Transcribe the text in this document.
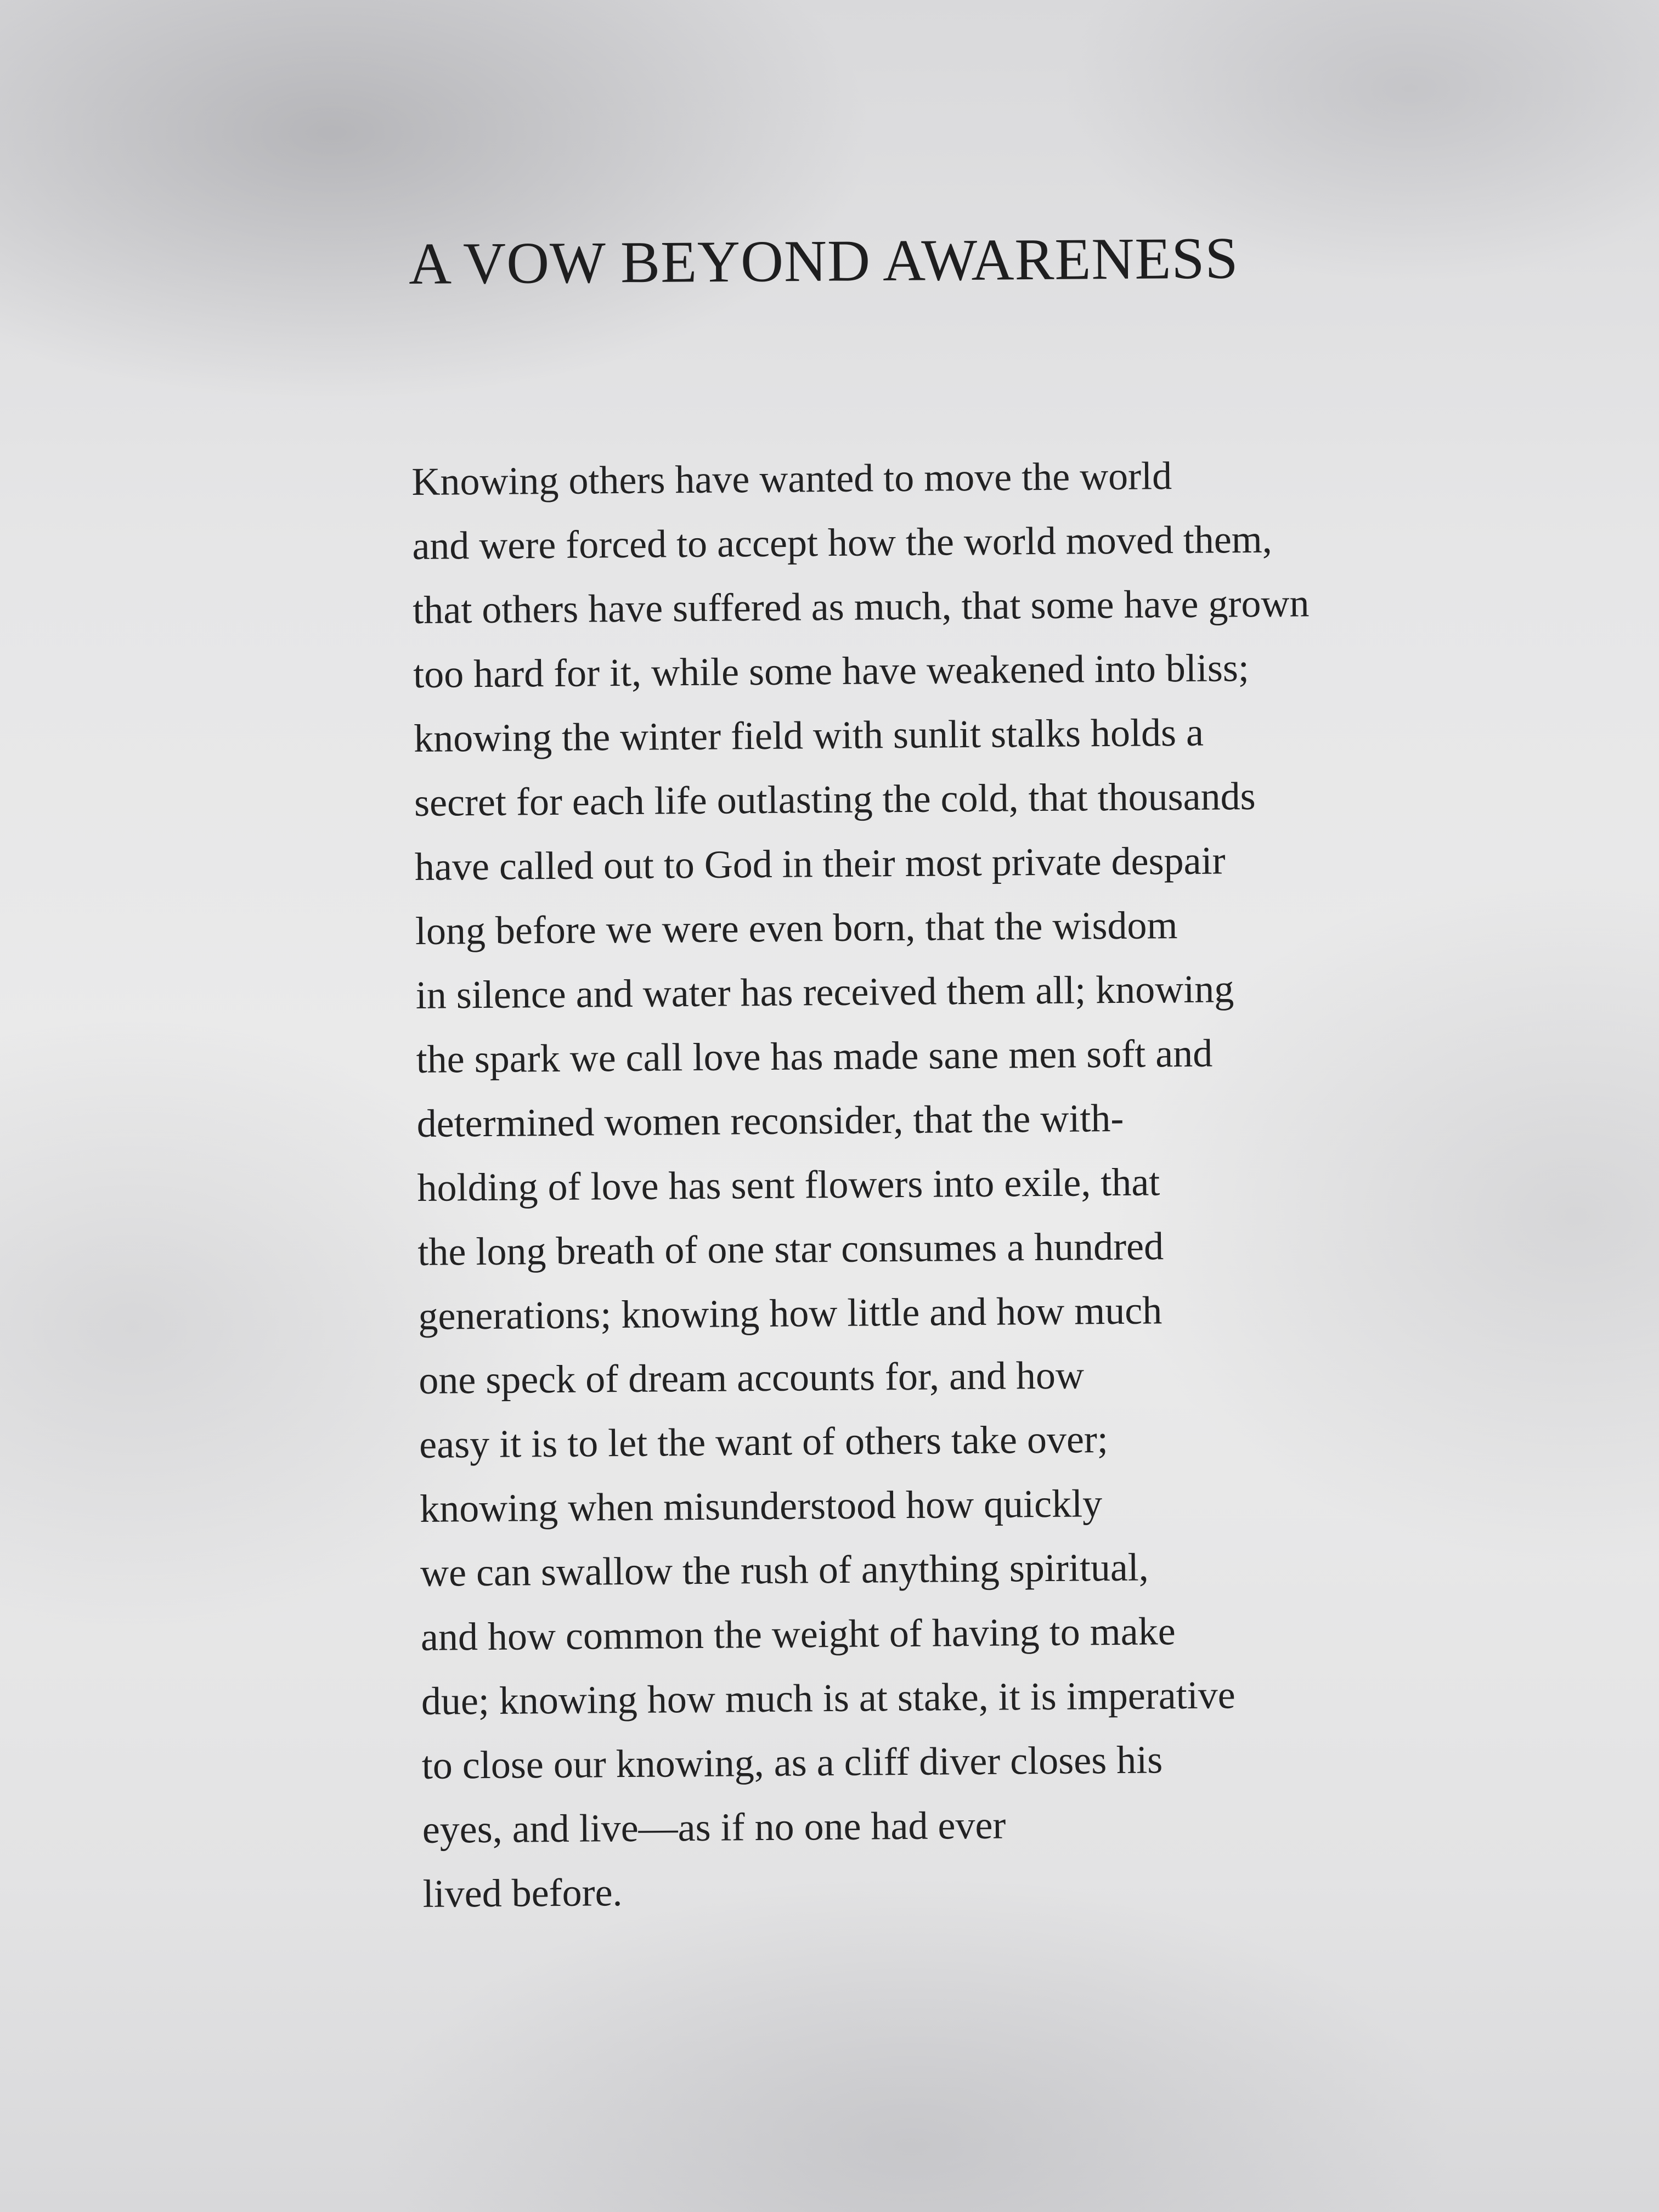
A VOW BEYOND AWARENESS
Knowing others have wanted to move the world
and were forced to accept how the world moved them,
that others have suffered as much, that some have grown
too hard for it, while some have weakened into bliss;
knowing the winter field with sunlit stalks holds a
secret for each life outlasting the cold, that thousands
have called out to God in their most private despair
long before we were even born, that the wisdom
in silence and water has received them all; knowing
the spark we call love has made sane men soft and
determined women reconsider, that the with-
holding of love has sent flowers into exile, that
the long breath of one star consumes a hundred
generations; knowing how little and how much
one speck of dream accounts for, and how
easy it is to let the want of others take over;
knowing when misunderstood how quickly
we can swallow the rush of anything spiritual,
and how common the weight of having to make
due; knowing how much is at stake, it is imperative
to close our knowing, as a cliff diver closes his
eyes, and live—as if no one had ever
lived before.
